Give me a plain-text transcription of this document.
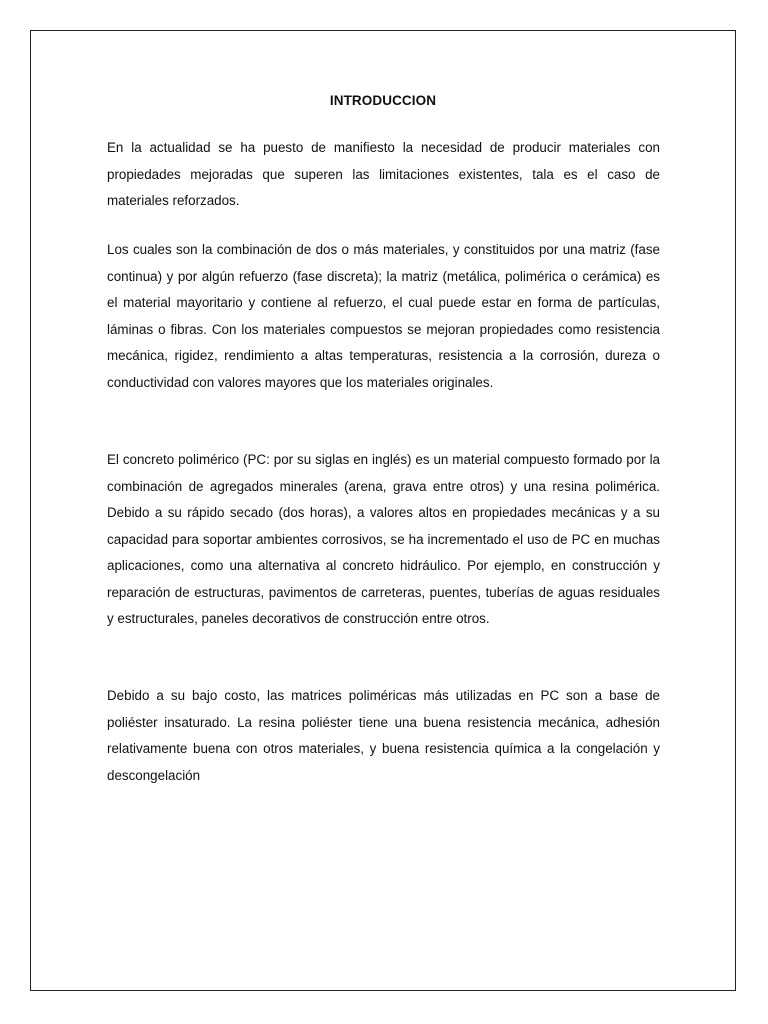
INTRODUCCION

En la actualidad se ha puesto de manifiesto la necesidad de producir materiales con propiedades mejoradas que superen las limitaciones existentes, tala es el caso de materiales reforzados.

Los cuales son la combinación de dos o más materiales, y constituidos por una matriz (fase continua) y por algún refuerzo (fase discreta); la matriz (metálica, polimérica o cerámica) es el material mayoritario y contiene al refuerzo, el cual puede estar en forma de partículas, láminas o fibras. Con los materiales compuestos se mejoran propiedades como resistencia mecánica, rigidez, rendimiento a altas temperaturas, resistencia a la corrosión, dureza o conductividad con valores mayores que los materiales originales.

El concreto polimérico (PC: por su siglas en inglés) es un material compuesto formado por la combinación de agregados minerales (arena, grava entre otros) y una resina polimérica. Debido a su rápido secado (dos horas), a valores altos en propiedades mecánicas y a su capacidad para soportar ambientes corrosivos, se ha incrementado el uso de PC en muchas aplicaciones, como una alternativa al concreto hidráulico. Por ejemplo, en construcción y reparación de estructuras, pavimentos de carreteras, puentes, tuberías de aguas residuales y estructurales, paneles decorativos de construcción entre otros.

Debido a su bajo costo, las matrices poliméricas más utilizadas en PC son a base de poliéster insaturado. La resina poliéster tiene una buena resistencia mecánica, adhesión relativamente buena con otros materiales, y buena resistencia química a la congelación y descongelación
